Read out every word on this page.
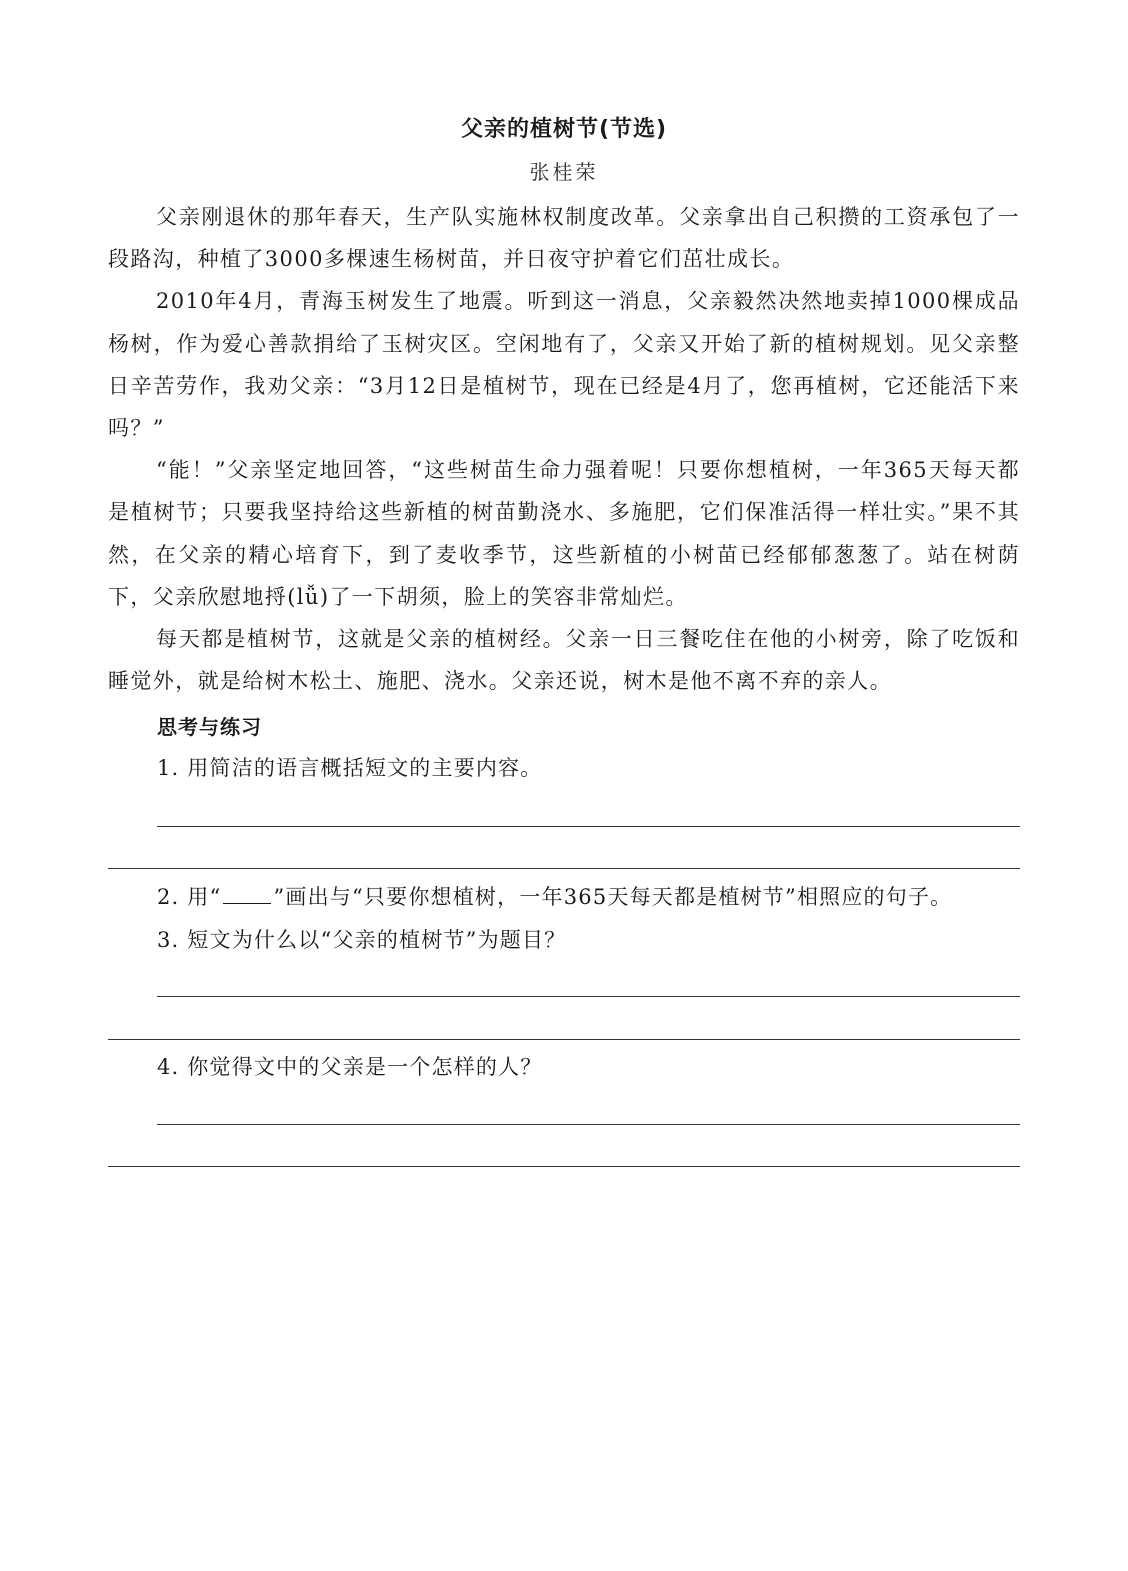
父亲的植树节(节选)
张桂荣

父亲刚退休的那年春天，生产队实施林权制度改革。父亲拿出自己积攒的工资承包了一段路沟，种植了3000多棵速生杨树苗，并日夜守护着它们茁壮成长。

2010年4月，青海玉树发生了地震。听到这一消息，父亲毅然决然地卖掉1000棵成品杨树，作为爱心善款捐给了玉树灾区。空闲地有了，父亲又开始了新的植树规划。见父亲整日辛苦劳作，我劝父亲：“3月12日是植树节，现在已经是4月了，您再植树，它还能活下来吗？”

“能！”父亲坚定地回答，“这些树苗生命力强着呢！只要你想植树，一年365天每天都是植树节；只要我坚持给这些新植的树苗勤浇水、多施肥，它们保准活得一样壮实。”果不其然，在父亲的精心培育下，到了麦收季节，这些新植的小树苗已经郁郁葱葱了。站在树荫下，父亲欣慰地捋(lǚ)了一下胡须，脸上的笑容非常灿烂。

每天都是植树节，这就是父亲的植树经。父亲一日三餐吃住在他的小树旁，除了吃饭和睡觉外，就是给树木松土、施肥、浇水。父亲还说，树木是他不离不弃的亲人。

思考与练习
1. 用简洁的语言概括短文的主要内容。
2. 用“ ”画出与“只要你想植树，一年365天每天都是植树节”相照应的句子。
3. 短文为什么以“父亲的植树节”为题目？
4. 你觉得文中的父亲是一个怎样的人？
